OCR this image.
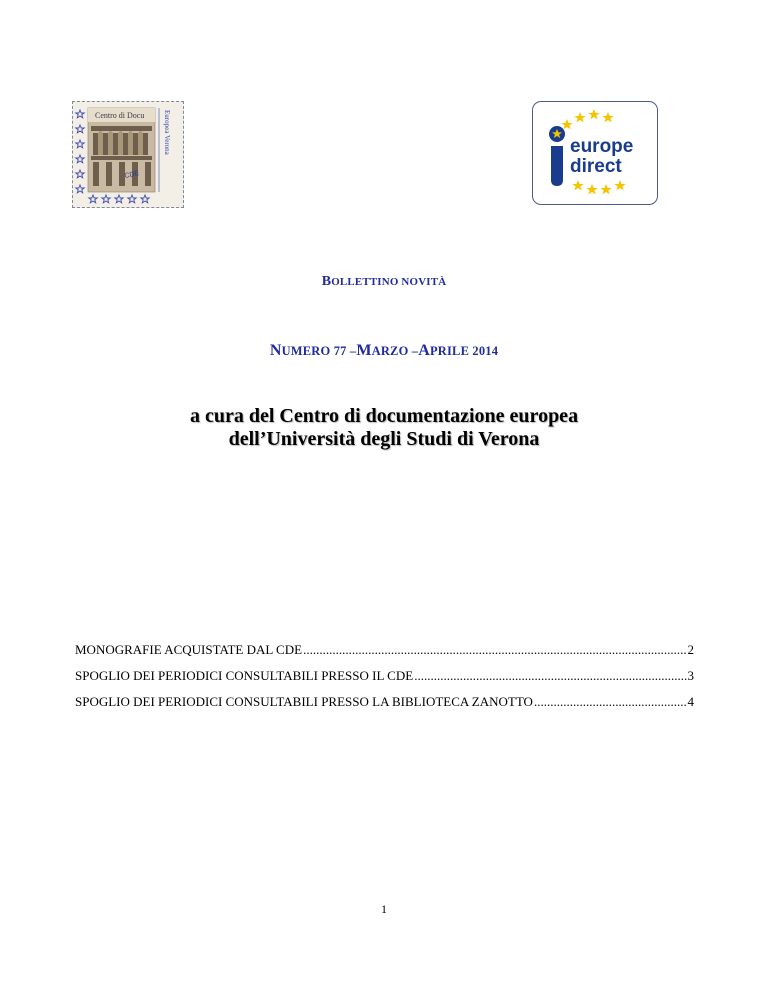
Centro di Docu
CDE
Europea Verona	europe
direct
BOLLETTINO NOVITÀ
NUMERO 77 –MARZO –APRILE 2014
a cura del Centro di documentazione europea
dell’Università degli Studi di Verona
MONOGRAFIE ACQUISTATE DAL CDE .....	2
SPOGLIO DEI PERIODICI CONSULTABILI PRESSO IL CDE .....	3
SPOGLIO DEI PERIODICI CONSULTABILI PRESSO LA BIBLIOTECA ZANOTTO .....	4
1
